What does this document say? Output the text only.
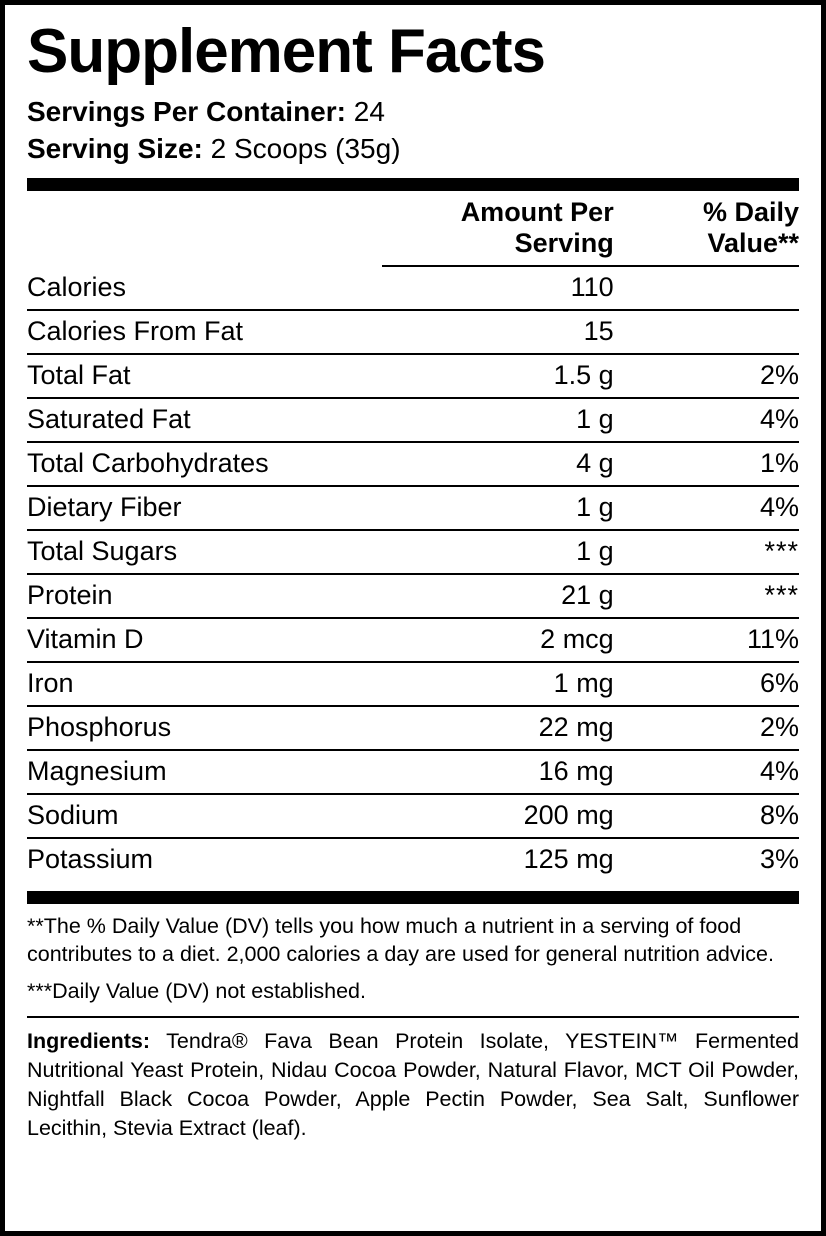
Supplement Facts
Servings Per Container: 24
Serving Size: 2 Scoops (35g)
	Amount Per Serving	% Daily Value**
Calories	110	
Calories From Fat	15	
Total Fat	1.5 g	2%
Saturated Fat	1 g	4%
Total Carbohydrates	4 g	1%
Dietary Fiber	1 g	4%
Total Sugars	1 g	***
Protein	21 g	***
Vitamin D	2 mcg	11%
Iron	1 mg	6%
Phosphorus	22 mg	2%
Magnesium	16 mg	4%
Sodium	200 mg	8%
Potassium	125 mg	3%
**The % Daily Value (DV) tells you how much a nutrient in a serving of food contributes to a diet. 2,000 calories a day are used for general nutrition advice.
***Daily Value (DV) not established.
Ingredients: Tendra® Fava Bean Protein Isolate, YESTEIN™ Fermented Nutritional Yeast Protein, Nidau Cocoa Powder, Natural Flavor, MCT Oil Powder, Nightfall Black Cocoa Powder, Apple Pectin Powder, Sea Salt, Sunflower Lecithin, Stevia Extract (leaf).
